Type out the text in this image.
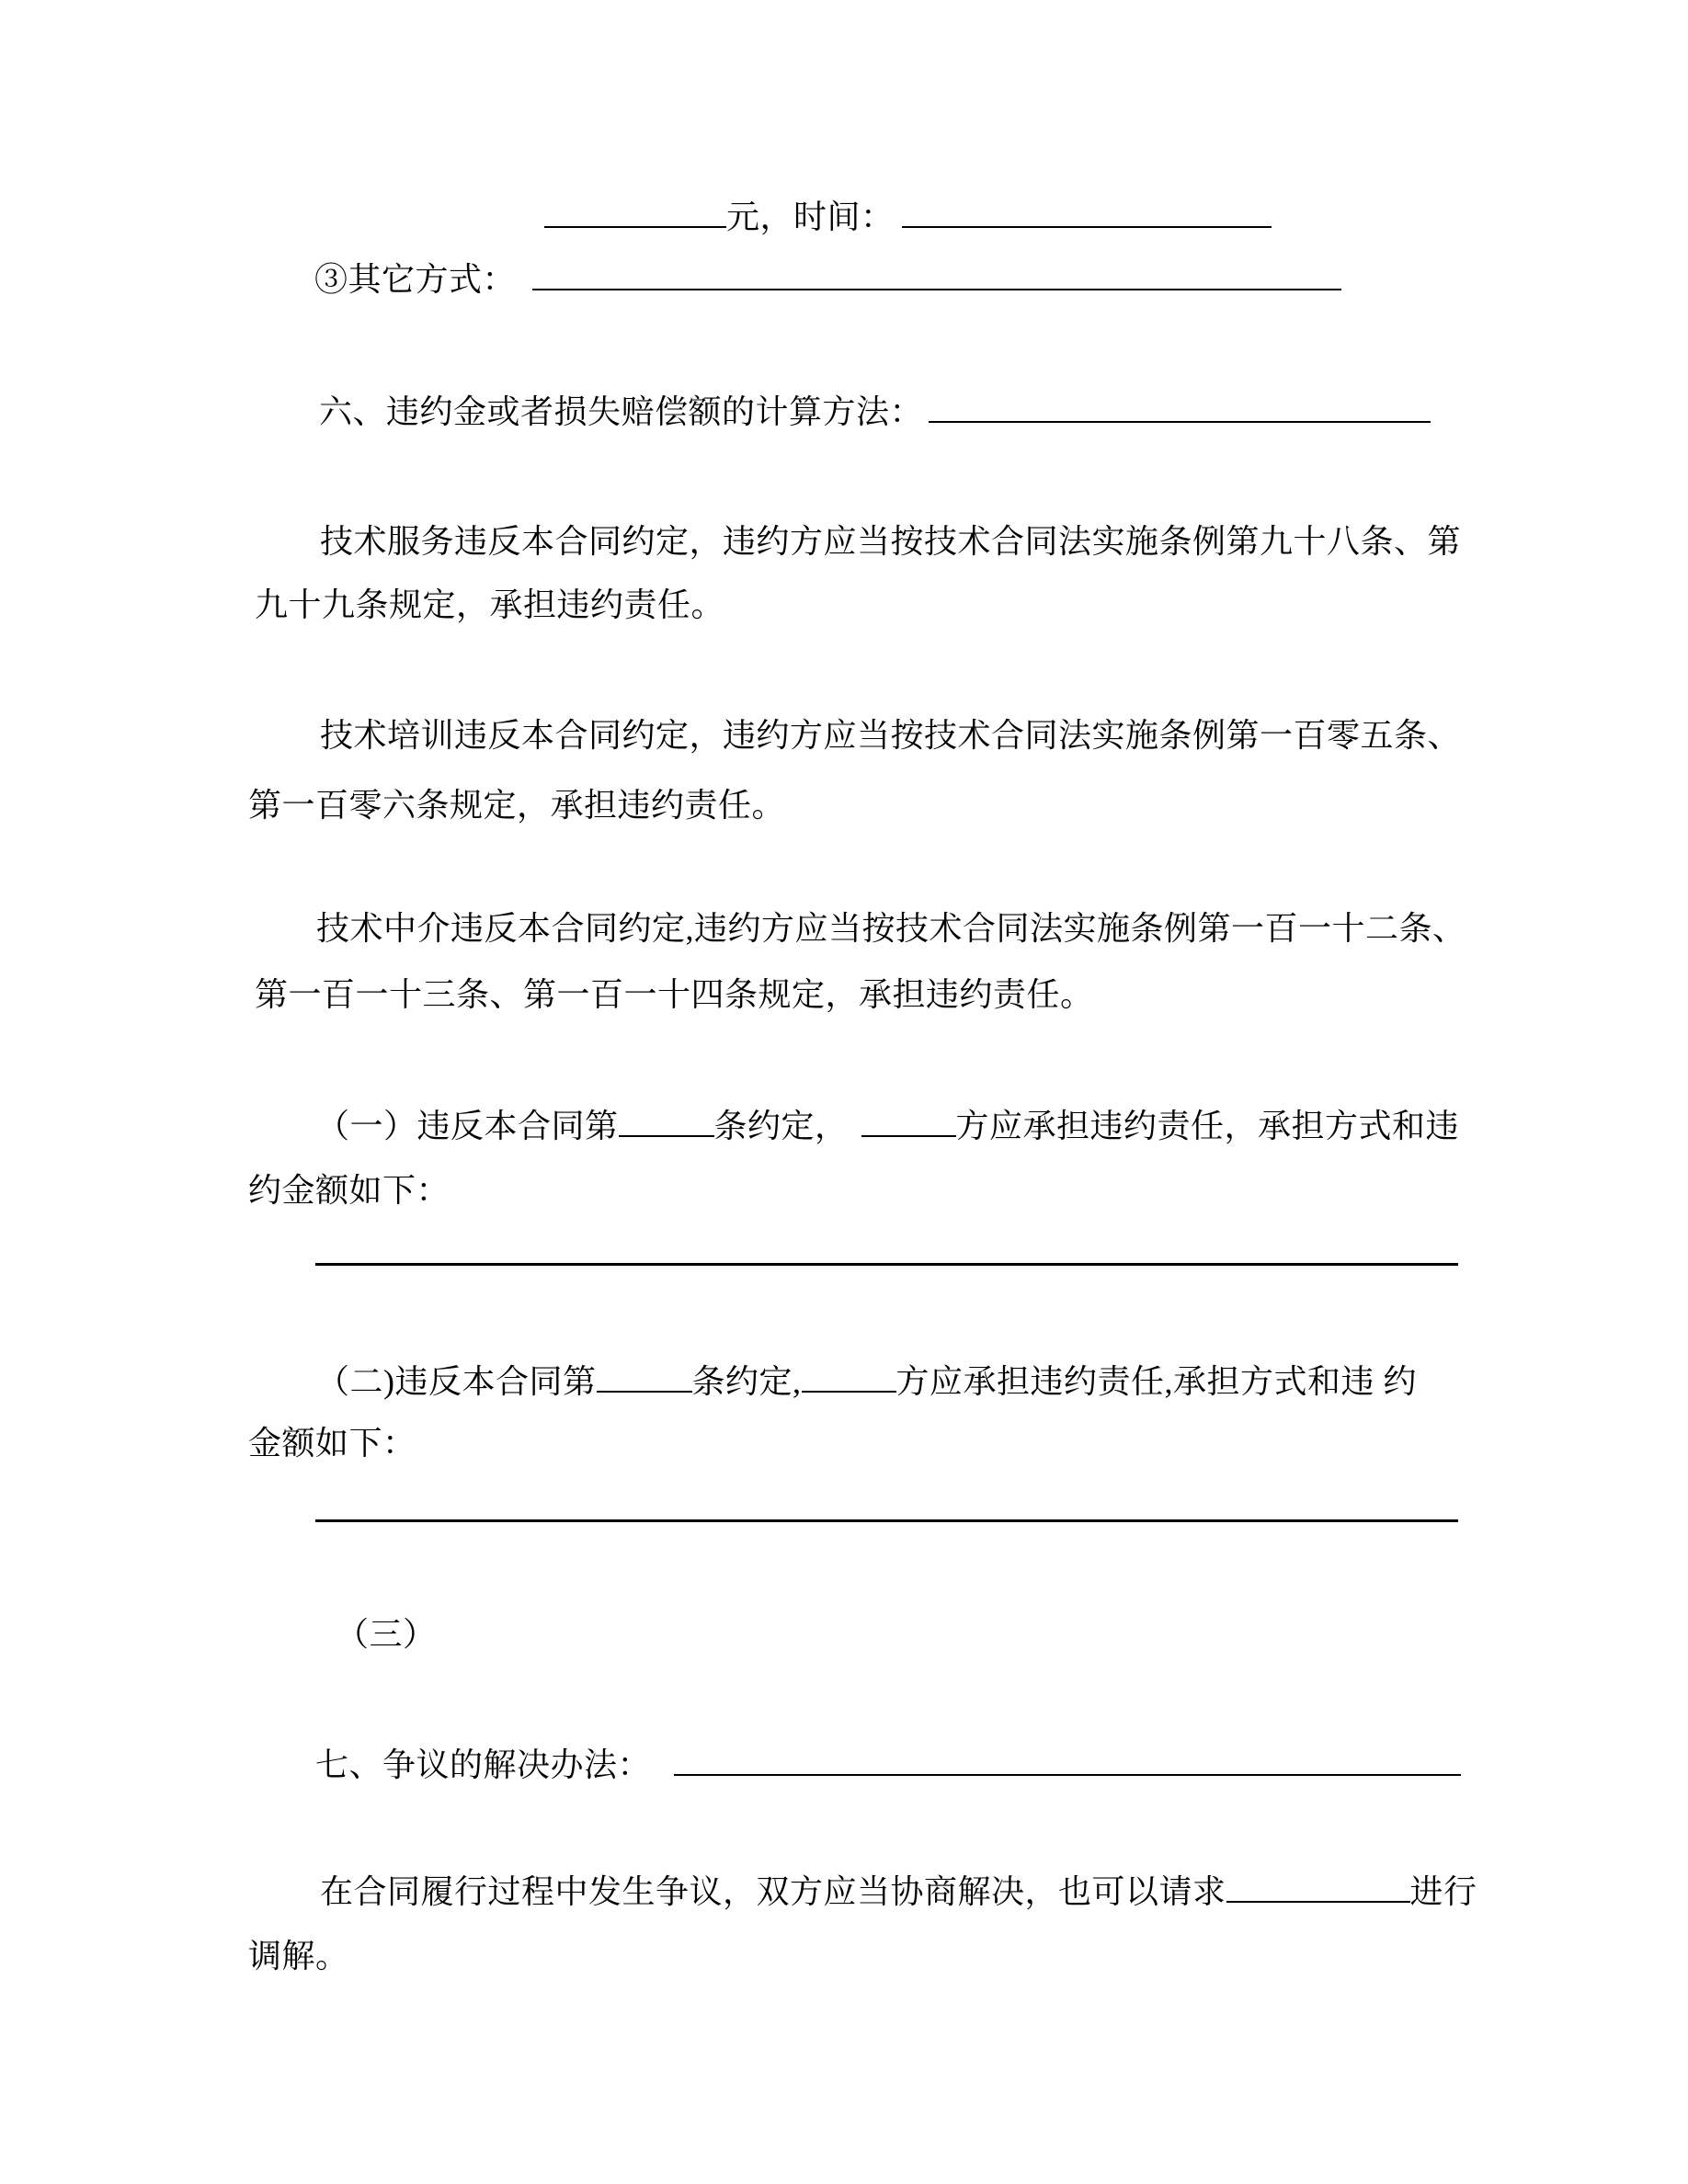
元，时间：
③其它方式：
六、违约金或者损失赔偿额的计算方法：
技术服务违反本合同约定，违约方应当按技术合同法实施条例第九十八条、第
九十九条规定，承担违约责任。
技术培训违反本合同约定，违约方应当按技术合同法实施条例第一百零五条、
第一百零六条规定，承担违约责任。
技术中介违反本合同约定,违约方应当按技术合同法实施条例第一百一十二条、
第一百一十三条、第一百一十四条规定，承担违约责任。
（一）违反本合同第	条约定，	方应承担违约责任，承担方式和违
约金额如下：
（二)违反本合同第	条约定,	方应承担违约责任,承担方式和违 约
金额如下：
（三）
七、争议的解决办法：
在合同履行过程中发生争议，双方应当协商解决，也可以请求	进行
调解。
